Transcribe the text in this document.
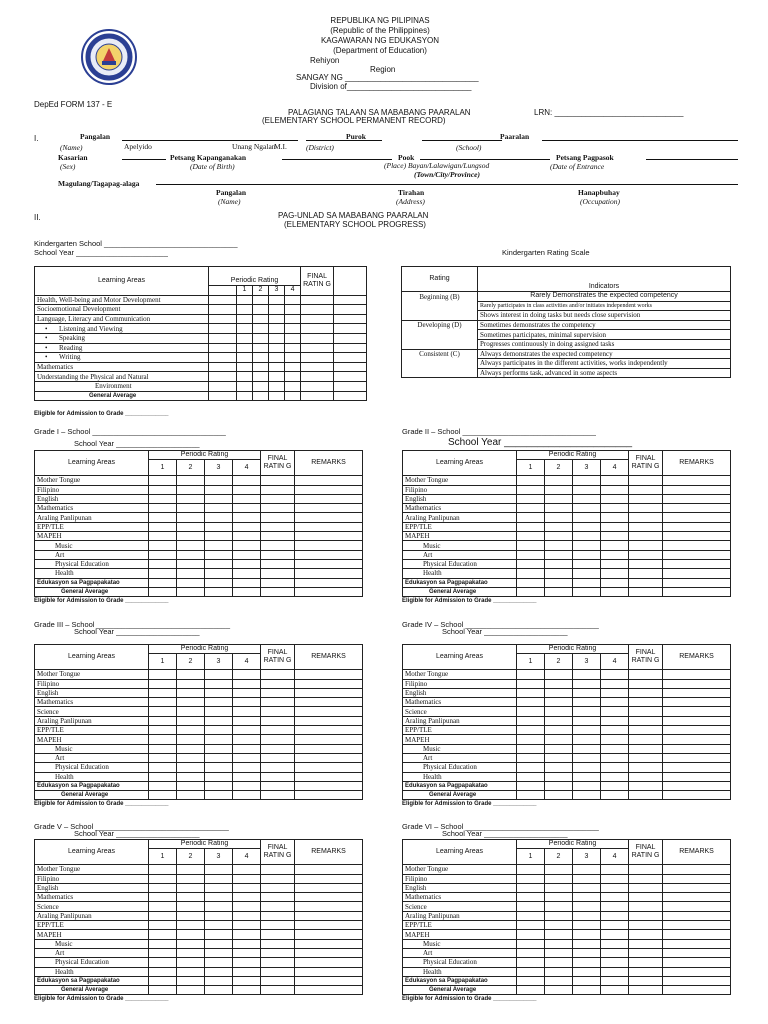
REPUBLIKA NG PILIPINAS
(Republic of the Philippines)
KAGAWARAN NG EDUKASYON
(Department of Education)
Rehiyon
Region
SANGAY NG ______________________________
Division of____________________________
DepEd FORM 137 - E
PALAGIANG TALAAN SA MABABANG PAARALAN
(ELEMENTARY SCHOOL PERMANENT RECORD)
LRN: _____________________________
I.	Pangalan
(Name)	Apelyido	Unang Ngalan
M.I.
Purok
(District)
Paaralan
(School)
Kasarian
(Sex)
Petsang Kapanganakan
(Date of Birth)
Pook
(Place) Bayan/Lalawigan/Lungsod
(Town/City/Province)
Petsang Pagpasok
(Date of Entrance
Magulang/Tagapag-alaga
Pangalan
(Name)
Tirahan
(Address)
Hanapbuhay
(Occupation)
II.	PAG-UNLAD SA MABABANG PAARALAN
(ELEMENTARY SCHOOL PROGRESS)
Kindergarten School ________________________________
School Year ______________________	Kindergarten Rating Scale
Learning Areas	Periodic Rating					FINAL RATIN G	
		1	2	3	4		
Health, Well-being and Motor Development							
Socioemotional Development							
Language, Literacy and Communication							
• Listening and Viewing							
• Speaking							
• Reading							
• Writing							
Mathematics							
Understanding the Physical and Natural							
Environment							
General Average							
Eligible for Admission to Grade _____________
Rating	Indicators
Beginning (B)	Rarely Demonstrates the expected competency
	Rarely participates in class activities and/or initiates independent works
	Shows interest in doing tasks but needs close supervision
Developing (D)	Sometimes demonstrates the competency
	Sometimes participates, minimal supervision
	Progresses continuously in doing assigned tasks
Consistent (C)	Always demonstrates the expected competency
	Always participates in the different activities, works independently
	Always performs task, advanced in some aspects
Grade I – School ________________________________
School Year ____________________
Learning Areas	Periodic Rating				FINAL RATIN G	REMARKS
	1	2	3	4		
Mother Tongue						
Filipino						
English						
Mathematics						
Araling Panlipunan						
EPP/TLE						
MAPEH						
Music						
Art						
Physical Education						
Health						
Edukasyon sa Pagpapakatao						
General Average						
Grade II – School ________________________________
School Year _______________________
Learning Areas	Periodic Rating				FINAL RATIN G	REMARKS
	1	2	3	4		
Mother Tongue						
Filipino						
English						
Mathematics						
Araling Panlipunan						
EPP/TLE						
MAPEH						
Music						
Art						
Physical Education						
Health						
Edukasyon sa Pagpapakatao						
General Average						
Grade III – School ________________________________
School Year ____________________
Learning Areas	Periodic Rating				FINAL RATIN G	REMARKS
	1	2	3	4		
Mother Tongue						
Filipino						
English						
Mathematics						
Science						
Araling Panlipunan						
EPP/TLE						
MAPEH						
Music						
Art						
Physical Education						
Health						
Edukasyon sa Pagpapakatao						
General Average						
Grade IV – School ________________________________
School Year ____________________
Learning Areas	Periodic Rating				FINAL RATIN G	REMARKS
	1	2	3	4		
Mother Tongue						
Filipino						
English						
Mathematics						
Science						
Araling Panlipunan						
EPP/TLE						
MAPEH						
Music						
Art						
Physical Education						
Health						
Edukasyon sa Pagpapakatao						
General Average						
Grade V – School ________________________________
School Year ____________________
Learning Areas	Periodic Rating				FINAL RATIN G	REMARKS
	1	2	3	4		
Mother Tongue						
Filipino						
English						
Mathematics						
Science						
Araling Panlipunan						
EPP/TLE						
MAPEH						
Music						
Art						
Physical Education						
Health						
Edukasyon sa Pagpapakatao						
General Average						
Grade VI – School ________________________________
School Year ____________________
Learning Areas	Periodic Rating				FINAL RATIN G	REMARKS
	1	2	3	4		
Mother Tongue						
Filipino						
English						
Mathematics						
Science						
Araling Panlipunan						
EPP/TLE						
MAPEH						
Music						
Art						
Physical Education						
Health						
Edukasyon sa Pagpapakatao						
General Average						
Eligible for Admission to Grade _____________	Eligible for Admission to Grade _____________
Eligible for Admission to Grade _____________	Eligible for Admission to Grade _____________
Eligible for Admission to Grade _____________	Eligible for Admission to Grade _____________
